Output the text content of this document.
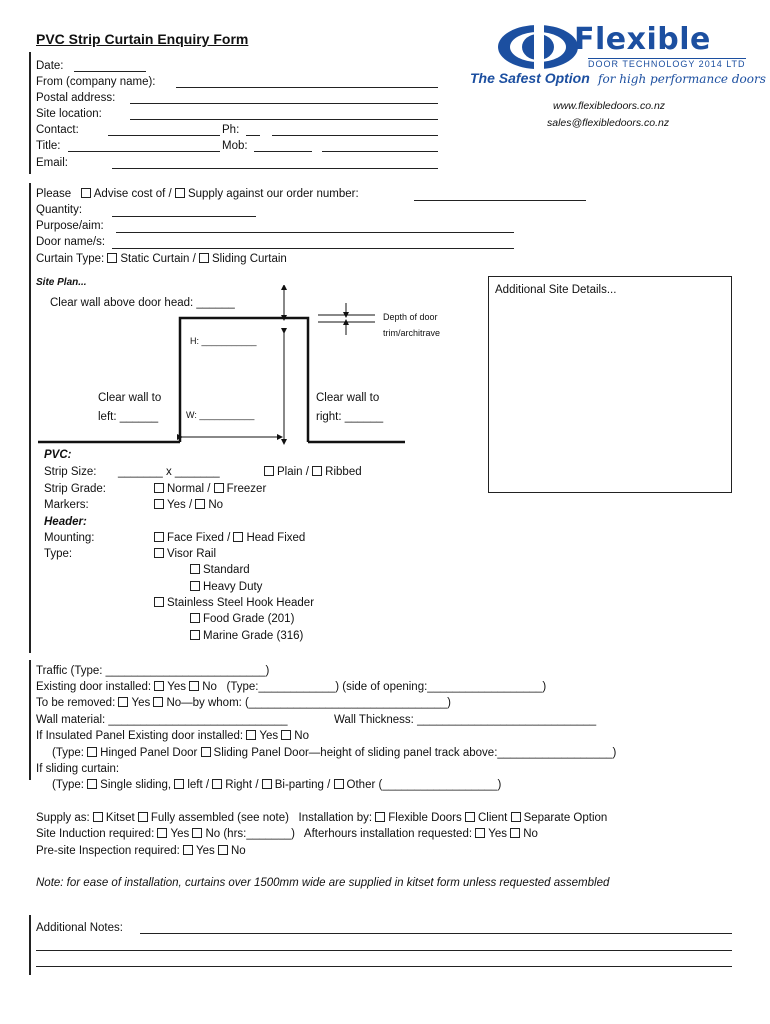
PVC Strip Curtain Enquiry Form	Flexible
DOOR TECHNOLOGY 2014 LTD
The Safest Option for high performance doors
www.flexibledoors.co.nz
sales@flexibledoors.co.nz
Date:
From (company name):
Postal address:
Site location:
Contact:	Ph:
Title:	Mob:
Email:
Please Advise cost of / Supply against our order number:
Quantity:
Purpose/aim:
Door name/s:
Curtain Type: Static Curtain / Sliding Curtain
Site Plan...
Clear wall above door head: ______
Depth of door
trim/architrave
H: ___________
W: ___________
Clear wall to
left: ______
Clear wall to
right: ______
Additional Site Details...
PVC:
Strip Size: _______ x _______	Plain / Ribbed
Strip Grade:	Normal / Freezer
Markers:	Yes / No
Header:
Mounting:	Face Fixed / Head Fixed
Type:	Visor Rail
Standard
Heavy Duty
Stainless Steel Hook Header
Food Grade (201)
Marine Grade (316)
Traffic (Type: _________________________)
Existing door installed: Yes No (Type:____________) (side of opening:__________________)
To be removed: Yes No—by whom: (_______________________________)
Wall material: ____________________________	Wall Thickness: ____________________________
If Insulated Panel Existing door installed: Yes No
(Type: Hinged Panel Door Sliding Panel Door—height of sliding panel track above:__________________)
If sliding curtain:
(Type: Single sliding, left / Right / Bi-parting / Other (__________________)
Supply as: Kitset Fully assembled (see note) Installation by: Flexible Doors Client Separate Option
Site Induction required: Yes No (hrs:_______) Afterhours installation requested: Yes No
Pre-site Inspection required: Yes No
Note: for ease of installation, curtains over 1500mm wide are supplied in kitset form unless requested assembled
Additional Notes:
